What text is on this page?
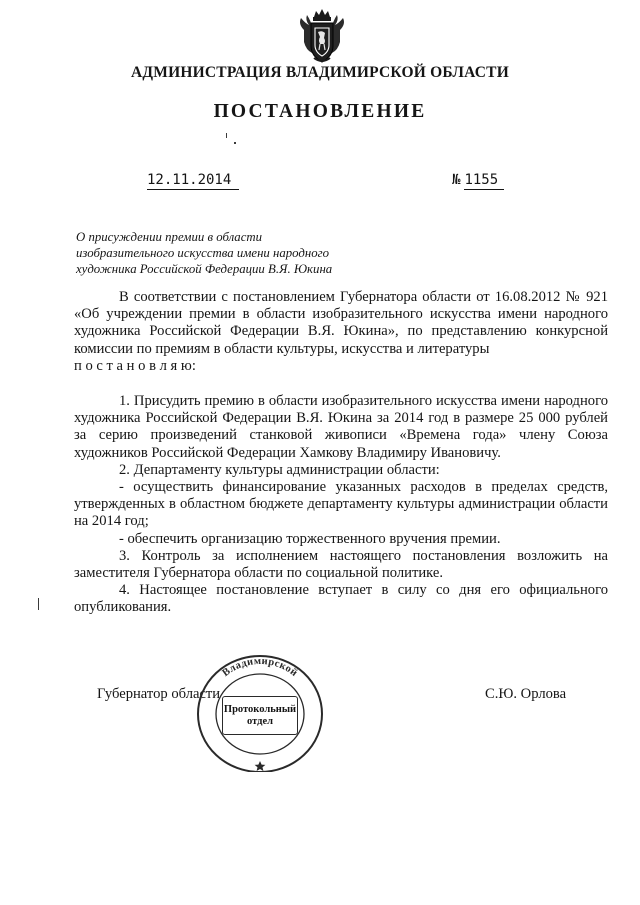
АДМИНИСТРАЦИЯ ВЛАДИМИРСКОЙ ОБЛАСТИ
ПОСТАНОВЛЕНИЕ
12.11.2014	№ 1155
О присуждении премии в области
изобразительного искусства имени народного
художника Российской Федерации В.Я. Юкина

В соответствии с постановлением Губернатора области от 16.08.2012 № 921 «Об учреждении премии в области изобразительного искусства имени народного художника Российской Федерации В.Я. Юкина», по представлению конкурсной комиссии по премиям в области культуры, искусства и литературы

п о с т а н о в л я ю:

1. Присудить премию в области изобразительного искусства имени народного художника Российской Федерации В.Я. Юкина за 2014 год в размере 25 000 рублей за серию произведений станковой живописи «Времена года» члену Союза художников Российской Федерации Хамкову Владимиру Ивановичу.

2. Департаменту культуры администрации области:

- осуществить финансирование указанных расходов в пределах средств, утвержденных в областном бюджете департаменту культуры администрации области на 2014 год;

- обеспечить организацию торжественного вручения премии.

3. Контроль за исполнением настоящего постановления возложить на заместителя Губернатора области по социальной политике.

4. Настоящее постановление вступает в силу со дня его официального опубликования.

Губернатор области	С.Ю. Орлова
Владимирской
Протокольный
отдел
